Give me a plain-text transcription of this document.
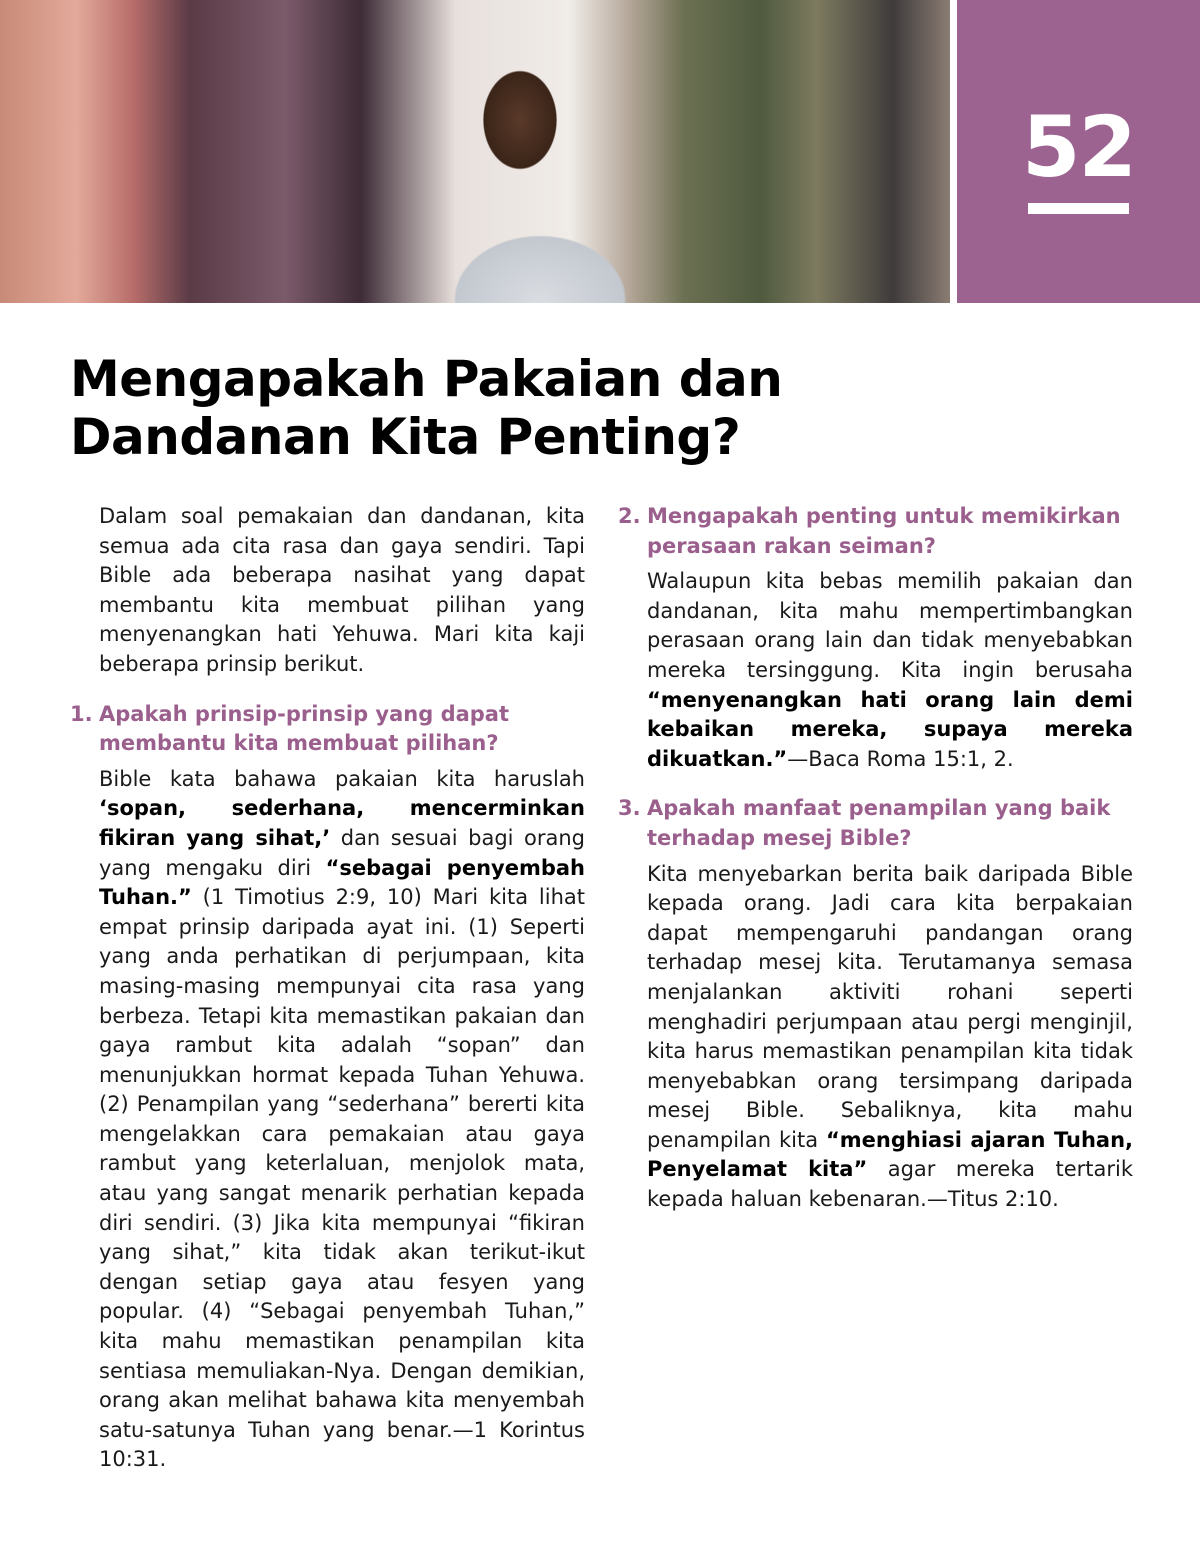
52
Mengapakah Pakaian dan Dandanan Kita Penting?

Dalam soal pemakaian dan dandanan, kita semua ada cita rasa dan gaya sendiri. Tapi Bible ada beberapa nasihat yang dapat membantu kita membuat pilihan yang menyenangkan hati Yehuwa. Mari kita kaji beberapa prinsip berikut.

1. Apakah prinsip-prinsip yang dapat membantu kita membuat pilihan?

Bible kata bahawa pakaian kita haruslah ‘sopan, sederhana, mencerminkan fikiran yang sihat,’ dan sesuai bagi orang yang mengaku diri “sebagai penyembah Tuhan.” (1 Timotius 2:9, 10) Mari kita lihat empat prinsip daripada ayat ini. (1) Seperti yang anda perhatikan di perjumpaan, kita masing-masing mempunyai cita rasa yang berbeza. Tetapi kita memastikan pakaian dan gaya rambut kita adalah “sopan” dan menunjukkan hormat kepada Tuhan Yehuwa. (2) Penampilan yang “sederhana” bererti kita mengelakkan cara pemakaian atau gaya rambut yang keterlaluan, menjolok mata, atau yang sangat menarik perhatian kepada diri sendiri. (3) Jika kita mempunyai “fikiran yang sihat,” kita tidak akan terikut-ikut dengan setiap gaya atau fesyen yang popular. (4) “Sebagai penyembah Tuhan,” kita mahu memastikan penampilan kita sentiasa memuliakan-Nya. Dengan demikian, orang akan melihat bahawa kita menyembah satu-satunya Tuhan yang benar.—1 Korintus 10:31.

2. Mengapakah penting untuk memikirkan perasaan rakan seiman?

Walaupun kita bebas memilih pakaian dan dandanan, kita mahu mempertimbangkan perasaan orang lain dan tidak menyebabkan mereka tersinggung. Kita ingin berusaha “menyenangkan hati orang lain demi kebaikan mereka, supaya mereka dikuatkan.”—Baca Roma 15:1, 2.

3. Apakah manfaat penampilan yang baik terhadap mesej Bible?

Kita menyebarkan berita baik daripada Bible kepada orang. Jadi cara kita berpakaian dapat mempengaruhi pandangan orang terhadap mesej kita. Terutamanya semasa menjalankan aktiviti rohani seperti menghadiri perjumpaan atau pergi menginjil, kita harus memastikan penampilan kita tidak menyebabkan orang tersimpang daripada mesej Bible. Sebaliknya, kita mahu penampilan kita “menghiasi ajaran Tuhan, Penyelamat kita” agar mereka tertarik kepada haluan kebenaran.—Titus 2:10.
